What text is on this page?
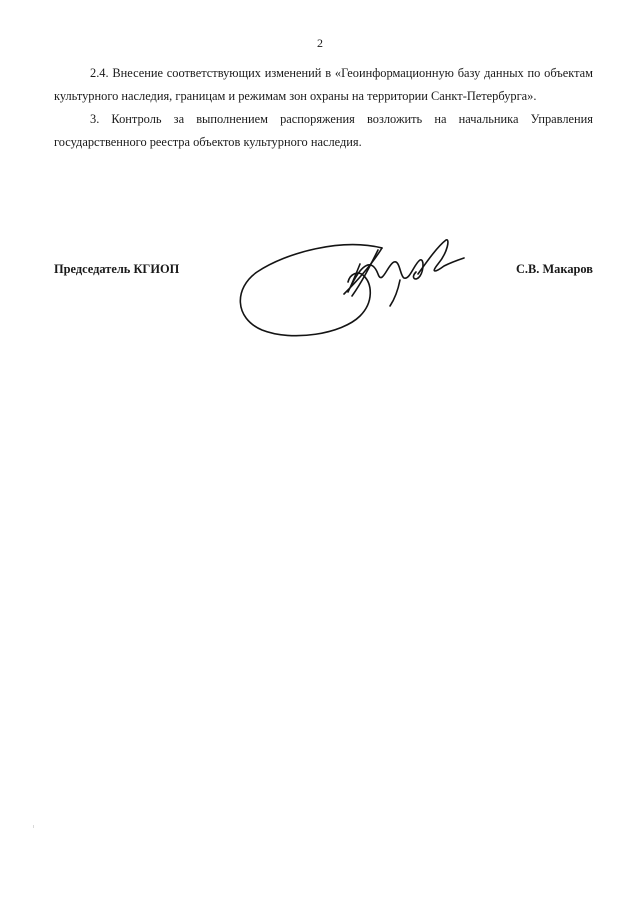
2

2.4. Внесение соответствующих изменений в «Геоинформационную базу данных по объектам культурного наследия, границам и режимам зон охраны на территории Санкт-Петербурга».

3. Контроль за выполнением распоряжения возложить на начальника Управления государственного реестра объектов культурного наследия.

Председатель КГИОП	С.В. Макаров
